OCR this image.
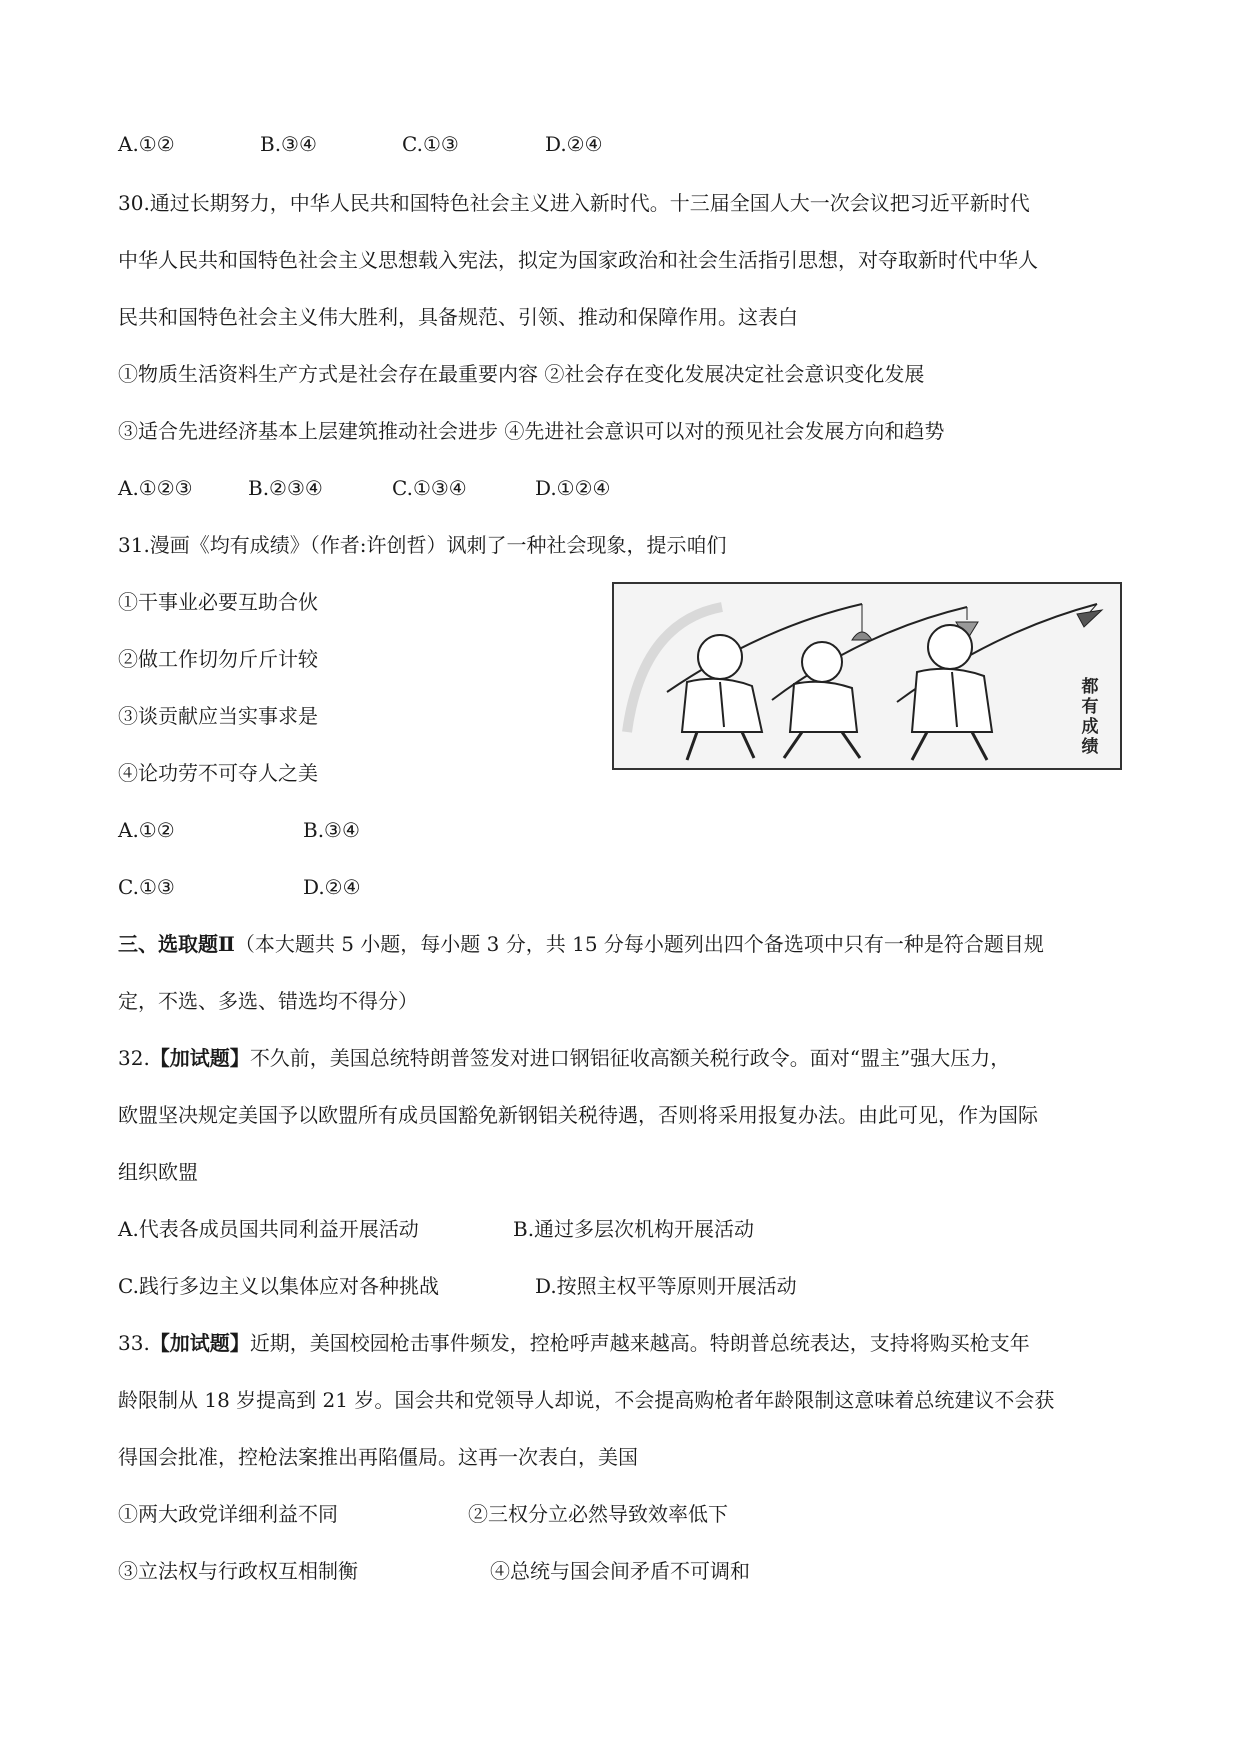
A.①②	B.③④	C.①③	D.②④
30.通过长期努力，中华人民共和国特色社会主义进入新时代。十三届全国人大一次会议把习近平新时代
中华人民共和国特色社会主义思想载入宪法，拟定为国家政治和社会生活指引思想，对夺取新时代中华人
民共和国特色社会主义伟大胜利，具备规范、引领、推动和保障作用。这表白
①物质生活资料生产方式是社会存在最重要内容 ②社会存在变化发展决定社会意识变化发展
③适合先进经济基本上层建筑推动社会进步 ④先进社会意识可以对的预见社会发展方向和趋势
A.①②③	B.②③④	C.①③④	D.①②④
31.漫画《均有成绩》（作者:许创哲）讽刺了一种社会现象，提示咱们
①干事业必要互助合伙
②做工作切勿斤斤计较
③谈贡献应当实事求是
④论功劳不可夺人之美
A.①②	B.③④
C.①③	D.②④
都
有
成
绩
三、选取题Ⅱ（本大题共 5 小题，每小题 3 分，共 15 分每小题列出四个备选项中只有一种是符合题目规
定，不选、多选、错选均不得分）
32.【加试题】不久前，美国总统特朗普签发对进口钢铝征收高额关税行政令。面对“盟主”强大压力，
欧盟坚决规定美国予以欧盟所有成员国豁免新钢铝关税待遇，否则将采用报复办法。由此可见，作为国际
组织欧盟
A.代表各成员国共同利益开展活动	B.通过多层次机构开展活动
C.践行多边主义以集体应对各种挑战	D.按照主权平等原则开展活动
33.【加试题】近期，美国校园枪击事件频发，控枪呼声越来越高。特朗普总统表达，支持将购买枪支年
龄限制从 18 岁提高到 21 岁。国会共和党领导人却说，不会提高购枪者年龄限制这意味着总统建议不会获
得国会批准，控枪法案推出再陷僵局。这再一次表白，美国
①两大政党详细利益不同	②三权分立必然导致效率低下
③立法权与行政权互相制衡	④总统与国会间矛盾不可调和
